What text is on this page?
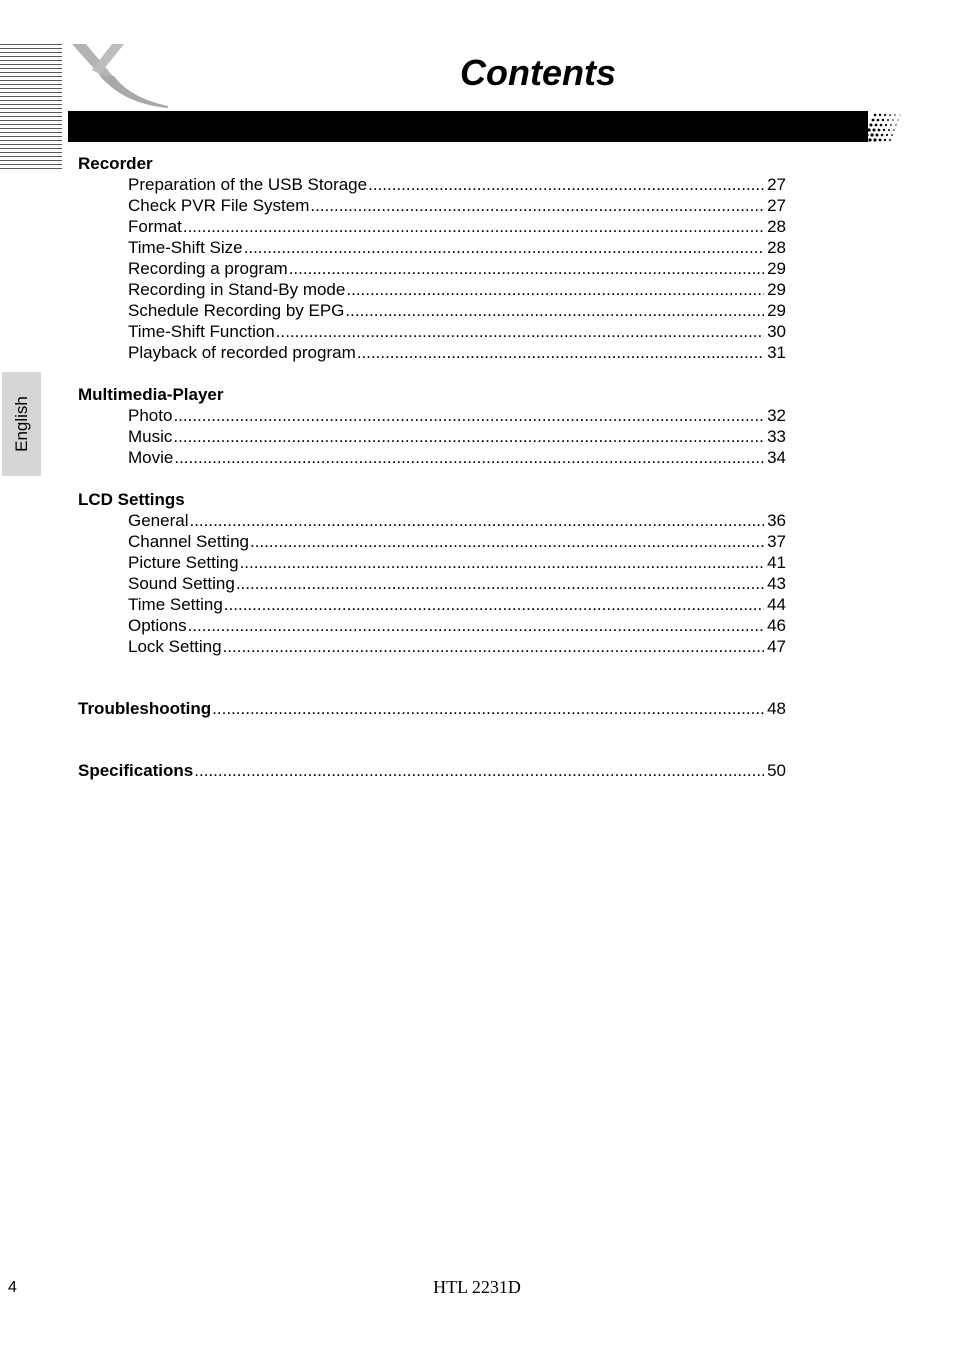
Contents
English
Recorder
Preparation of the USB Storage .....	27
Check PVR File System .....	27
Format .....	28
Time-Shift Size .....	28
Recording a program .....	29
Recording in Stand-By mode .....	29
Schedule Recording by EPG .....	29
Time-Shift Function .....	30
Playback of recorded program .....	31
Multimedia-Player
Photo .....	32
Music .....	33
Movie .....	34
LCD Settings
General .....	36
Channel Setting .....	37
Picture Setting .....	41
Sound Setting .....	43
Time Setting .....	44
Options .....	46
Lock Setting .....	47
Troubleshooting .....	48
Specifications .....	50
4	HTL 2231D
